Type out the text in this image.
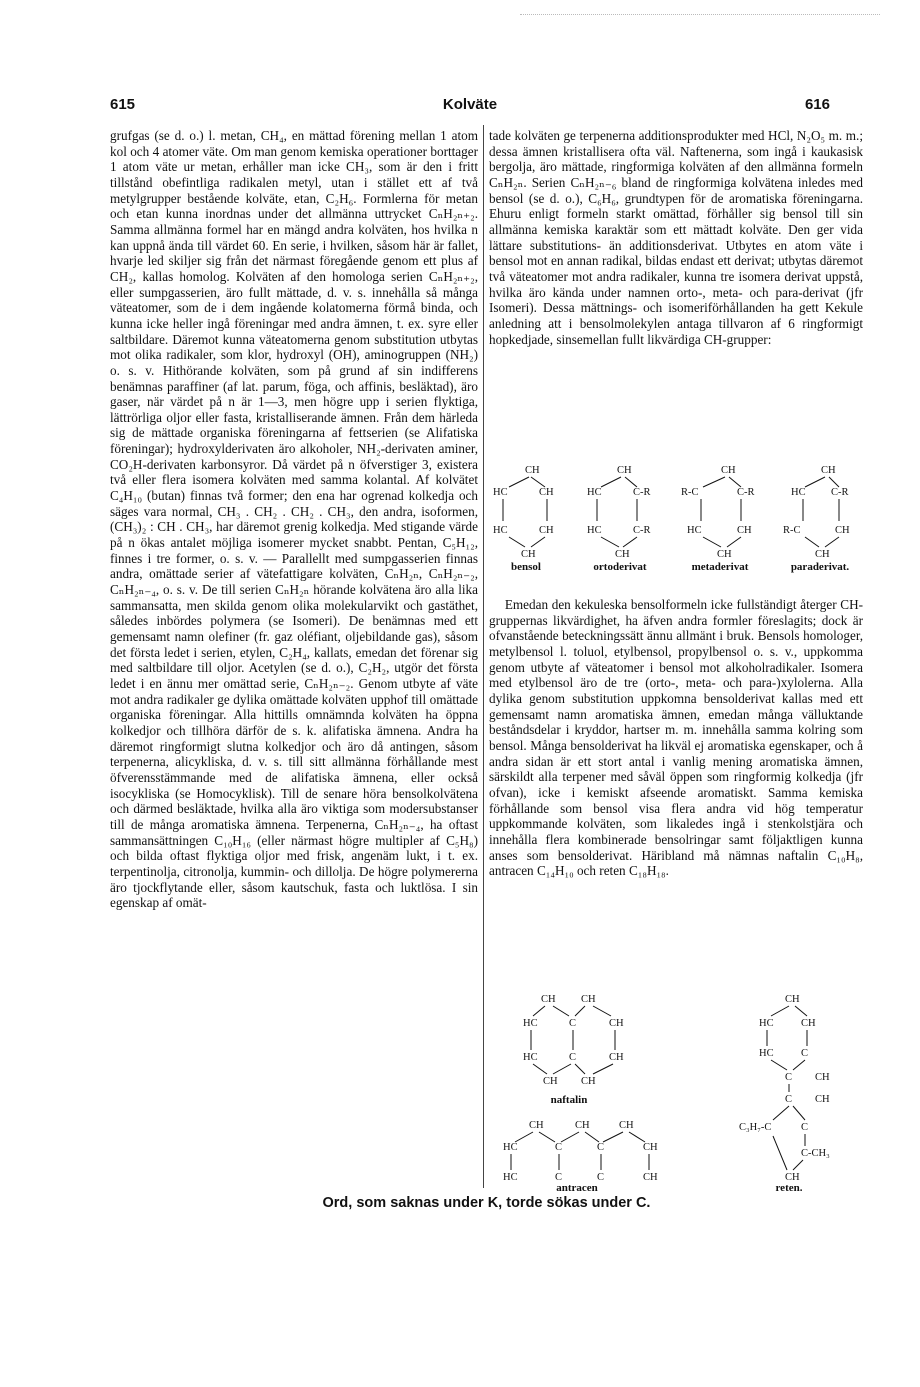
615	Kolväte	616

grufgas (se d. o.) l. metan, CH₄, en mättad förening mellan 1 atom kol och 4 atomer väte. Om man genom kemiska operationer borttager 1 atom väte ur metan, erhåller man icke CH₃, som är den i fritt tillstånd obefintliga radikalen metyl, utan i stället ett af två metylgrupper bestående kolväte, etan, C₂H₆. Formlerna för metan och etan kunna inordnas under det allmänna uttrycket CₙH₂ₙ₊₂. Samma allmänna formel har en mängd andra kolväten, hos hvilka n kan uppnå ända till värdet 60. En serie, i hvilken, såsom här är fallet, hvarje led skiljer sig från det närmast föregående genom ett plus af CH₂, kallas homolog. Kolväten af den homologa serien CₙH₂ₙ₊₂, eller sumpgasserien, äro fullt mättade, d. v. s. innehålla så många väteatomer, som de i dem ingående kolatomerna förmå binda, och kunna icke heller ingå föreningar med andra ämnen, t. ex. syre eller saltbildare. Däremot kunna väteatomerna genom substitution utbytas mot olika radikaler, som klor, hydroxyl (OH), aminogruppen (NH₂) o. s. v. Hithörande kolväten, som på grund af sin indifferens benämnas paraffiner (af lat. parum, föga, och affinis, besläktad), äro gaser, när värdet på n är 1—3, men högre upp i serien flyktiga, lättrörliga oljor eller fasta, kristalliserande ämnen. Från dem härleda sig de mättade organiska föreningarna af fettserien (se Alifatiska föreningar); hydroxylderivaten äro alkoholer, NH₂-derivaten aminer, CO₂H-derivaten karbonsyror. Då värdet på n öfverstiger 3, existera två eller flera isomera kolväten med samma kolantal. Af kolvätet C₄H₁₀ (butan) finnas två former; den ena har ogrenad kolkedja och säges vara normal, CH₃ . CH₂ . CH₂ . CH₃, den andra, isoformen, (CH₃)₂ : CH . CH₃, har däremot grenig kolkedja. Med stigande värde på n ökas antalet möjliga isomerer mycket snabbt. Pentan, C₅H₁₂, finnes i tre former, o. s. v. — Parallellt med sumpgasserien finnas andra, omättade serier af vätefattigare kolväten, CₙH₂ₙ, CₙH₂ₙ₋₂, CₙH₂ₙ₋₄, o. s. v. De till serien CₙH₂ₙ hörande kolvätena äro alla lika sammansatta, men skilda genom olika molekularvikt och gastäthet, således inbördes polymera (se Isomeri). De benämnas med ett gemensamt namn olefiner (fr. gaz oléfiant, oljebildande gas), såsom det första ledet i serien, etylen, C₂H₄, kallats, emedan det förenar sig med saltbildare till oljor. Acetylen (se d. o.), C₂H₂, utgör det första ledet i en ännu mer omättad serie, CₙH₂ₙ₋₂. Genom utbyte af väte mot andra radikaler ge dylika omättade kolväten upphof till omättade organiska föreningar. Alla hittills omnämnda kolväten ha öppna kolkedjor och tillhöra därför de s. k. alifatiska ämnena. Andra ha däremot ringformigt slutna kolkedjor och äro då antingen, såsom terpenerna, alicykliska, d. v. s. till sitt allmänna förhållande mest öfverensstämmande med de alifatiska ämnena, eller också isocykliska (se Homocyklisk). Till de senare höra bensolkolvätena och därmed besläktade, hvilka alla äro viktiga som modersubstanser till de många aromatiska ämnena. Terpenerna, CₙH₂ₙ₋₄, ha oftast sammansättningen C₁₀H₁₆ (eller närmast högre multipler af C₅H₈) och bilda oftast flyktiga oljor med frisk, angenäm lukt, i t. ex. terpentinolja, citronolja, kummin- och dillolja. De högre polymererna äro tjockflytande eller, såsom kautschuk, fasta och luktlösa. I sin egenskap af omät-

tade kolväten ge terpenerna additionsprodukter med HCl, N₂O₅ m. m.; dessa ämnen kristallisera ofta väl. Naftenerna, som ingå i kaukasisk bergolja, äro mättade, ringformiga kolväten af den allmänna formeln CₙH₂ₙ. Serien CₙH₂ₙ₋₆ bland de ringformiga kolvätena inledes med bensol (se d. o.), C₆H₆, grundtypen för de aromatiska föreningarna. Ehuru enligt formeln starkt omättad, förhåller sig bensol till sin allmänna kemiska karaktär som ett mättadt kolväte. Den ger vida lättare substitutions- än additionsderivat. Utbytes en atom väte i bensol mot en annan radikal, bildas endast ett derivat; utbytas däremot två väteatomer mot andra radikaler, kunna tre isomera derivat uppstå, hvilka äro kända under namnen orto-, meta- och para-derivat (jfr Isomeri). Dessa mättnings- och isomeriförhållanden ha gett Kekule anledning att i bensolmolekylen antaga tillvaron af 6 ringformigt hopkedjade, sinsemellan fullt likvärdiga CH-grupper:

CH
HC	CH
HC	CH
CH
CH
HC	C-R
HC	C-R
CH
CH
R-C	C-R
HC	CH
CH
CH
HC C-R
R-C	CH
CH
bensol	ortoderivat	metaderivat	paraderivat.

Emedan den kekuleska bensolformeln icke fullständigt återger CH-gruppernas likvärdighet, ha äfven andra formler föreslagits; dock är ofvanstående beteckningssätt ännu allmänt i bruk. Bensols homologer, metylbensol l. toluol, etylbensol, propylbensol o. s. v., uppkomma genom utbyte af väteatomer i bensol mot alkoholradikaler. Isomera med etylbensol äro de tre (orto-, meta- och para-)xylolerna. Alla dylika genom substitution uppkomna bensolderivat kallas med ett gemensamt namn aromatiska ämnen, emedan många välluktande beståndsdelar i kryddor, hartser m. m. innehålla samma kolring som bensol. Många bensolderivat ha likväl ej aromatiska egenskaper, och å andra sidan är ett stort antal i vanlig mening aromatiska ämnen, särskildt alla terpener med såväl öppen som ringformig kolkedja (jfr ofvan), icke i kemiskt afseende aromatiskt. Samma kemiska förhållande som bensol visa flera andra vid hög temperatur uppkommande kolväten, som likaledes ingå i stenkolstjära och innehålla flera kombinerade bensolringar samt följaktligen kunna anses som bensolderivat. Häribland må nämnas naftalin C₁₀H₈, antracen C₁₄H₁₀ och reten C₁₈H₁₈.

CH CH
HC	C	CH
HC	C	CH
CH CH
CH	CH	CH
HC	C	C	CH
HC	C	C	CH
CH
HC	CH
HC	C
C CH
C CH
C₃H₇-C	C
C-CH₃
CH
naftalin
antracen	reten.
Ord, som saknas under K, torde sökas under C.
